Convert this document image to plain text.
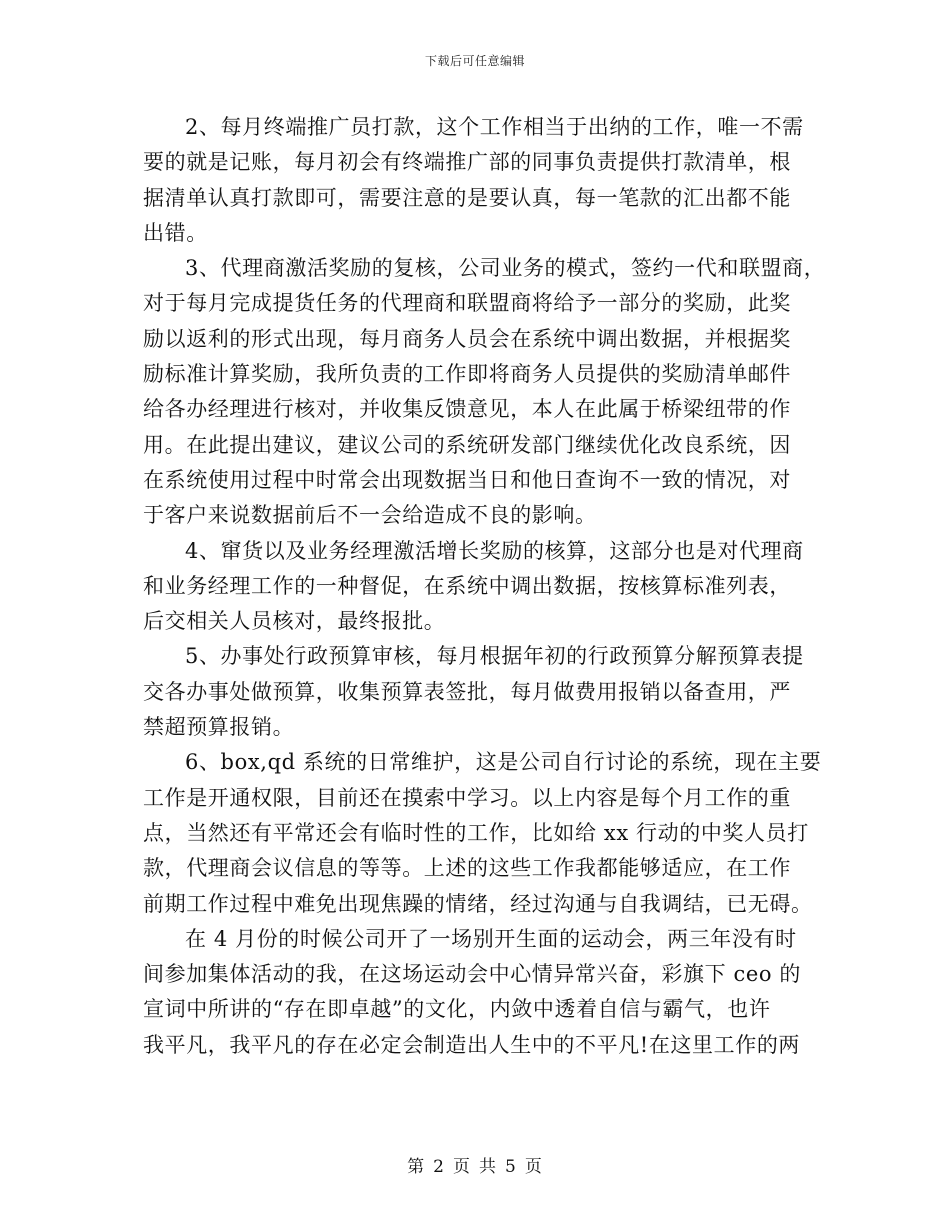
下载后可任意编辑
2、每月终端推广员打款，这个工作相当于出纳的工作，唯一不需
要的就是记账，每月初会有终端推广部的同事负责提供打款清单，根
据清单认真打款即可，需要注意的是要认真，每一笔款的汇出都不能
出错。
3、代理商激活奖励的复核，公司业务的模式，签约一代和联盟商，
对于每月完成提货任务的代理商和联盟商将给予一部分的奖励，此奖
励以返利的形式出现，每月商务人员会在系统中调出数据，并根据奖
励标准计算奖励，我所负责的工作即将商务人员提供的奖励清单邮件
给各办经理进行核对，并收集反馈意见，本人在此属于桥梁纽带的作
用。在此提出建议，建议公司的系统研发部门继续优化改良系统，因
在系统使用过程中时常会出现数据当日和他日查询不一致的情况，对
于客户来说数据前后不一会给造成不良的影响。
4、窜货以及业务经理激活增长奖励的核算，这部分也是对代理商
和业务经理工作的一种督促，在系统中调出数据，按核算标准列表，
后交相关人员核对，最终报批。
5、办事处行政预算审核，每月根据年初的行政预算分解预算表提
交各办事处做预算，收集预算表签批，每月做费用报销以备查用，严
禁超预算报销。
6、box,qd 系统的日常维护，这是公司自行讨论的系统，现在主要
工作是开通权限，目前还在摸索中学习。以上内容是每个月工作的重
点，当然还有平常还会有临时性的工作，比如给 xx 行动的中奖人员打
款，代理商会议信息的等等。上述的这些工作我都能够适应，在工作
前期工作过程中难免出现焦躁的情绪，经过沟通与自我调结，已无碍。
在 4 月份的时候公司开了一场别开生面的运动会，两三年没有时
间参加集体活动的我，在这场运动会中心情异常兴奋，彩旗下 ceo 的
宣词中所讲的“存在即卓越”的文化，内敛中透着自信与霸气，也许
我平凡，我平凡的存在必定会制造出人生中的不平凡!在这里工作的两
第 2 页 共 5 页
